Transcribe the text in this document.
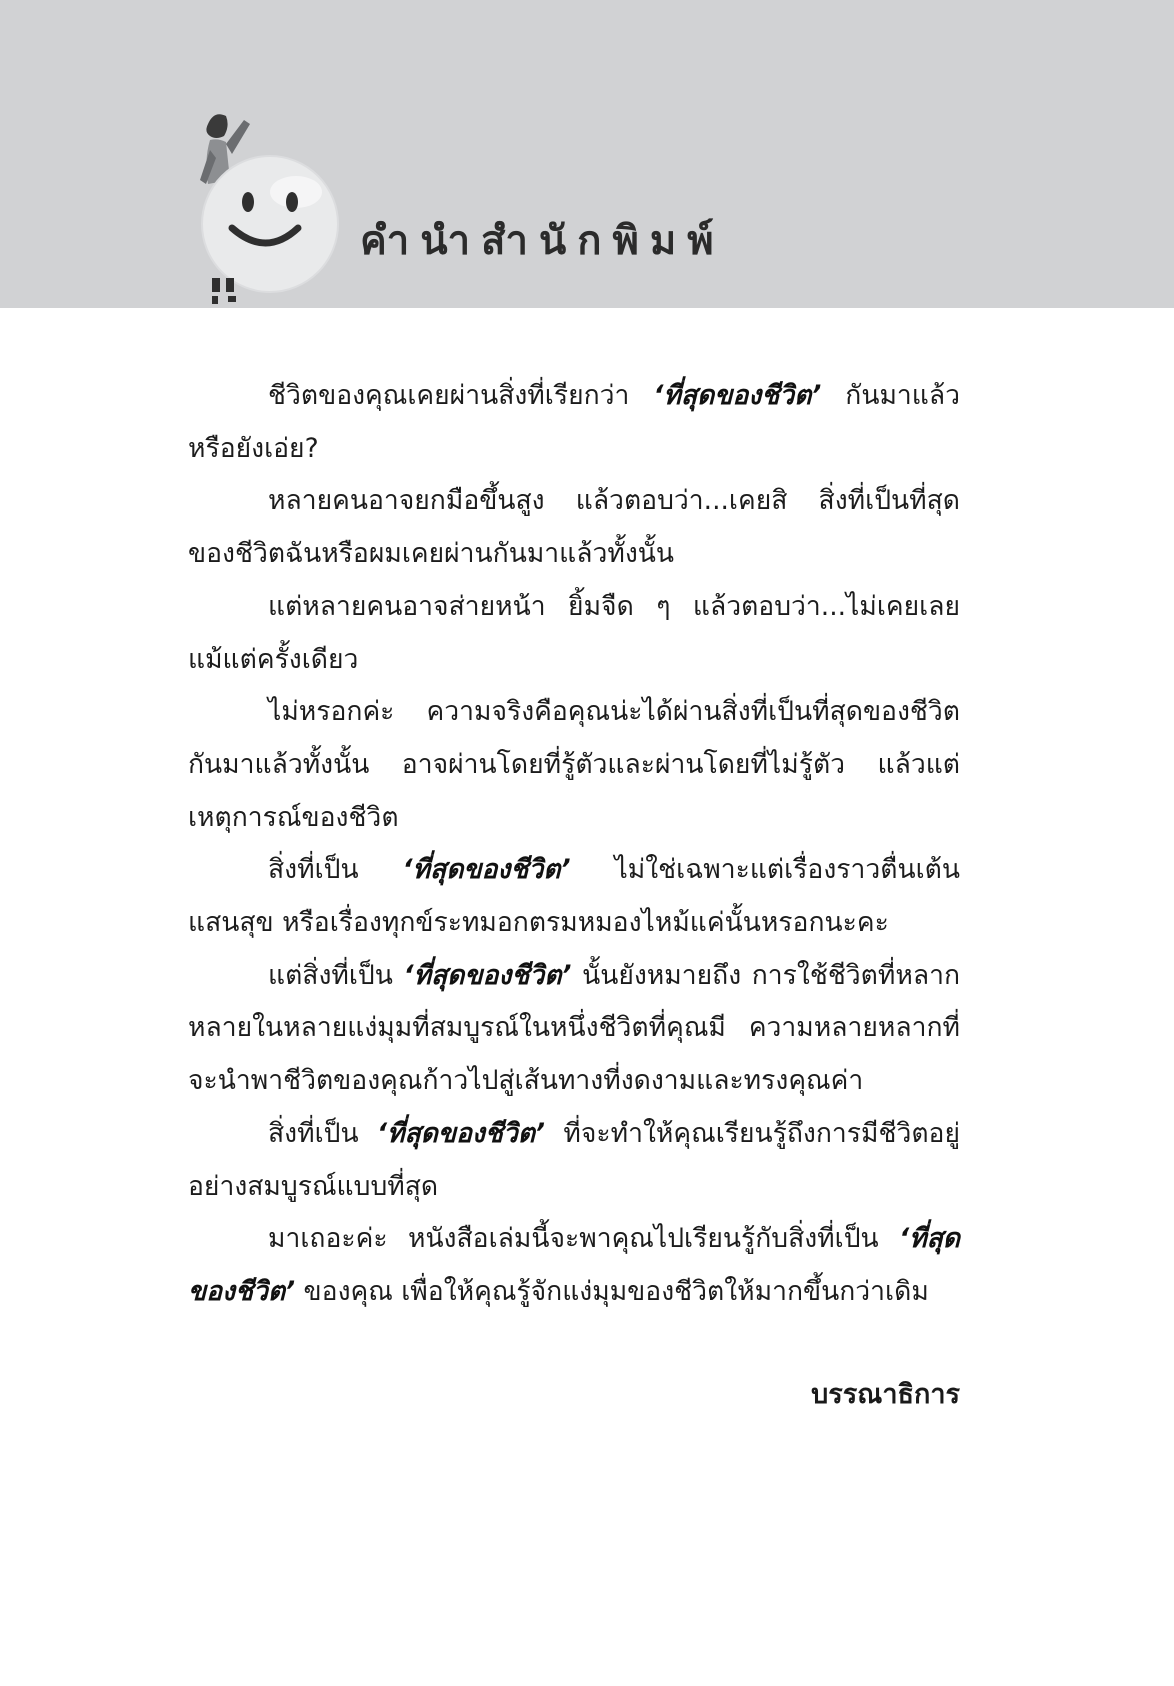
คำนำสำนักพิมพ์

ชีวิตของคุณเคยผ่านสิ่งที่เรียกว่า ‘ที่สุดของชีวิต’ กันมาแล้วหรือยังเอ่ย?

หลายคนอาจยกมือขึ้นสูง แล้วตอบว่า...เคยสิ สิ่งที่เป็นที่สุดของชีวิตฉันหรือผมเคยผ่านกันมาแล้วทั้งนั้น

แต่หลายคนอาจส่ายหน้า ยิ้มจืด ๆ แล้วตอบว่า...ไม่เคยเลยแม้แต่ครั้งเดียว

ไม่หรอกค่ะ ความจริงคือคุณน่ะได้ผ่านสิ่งที่เป็นที่สุดของชีวิตกันมาแล้วทั้งนั้น อาจผ่านโดยที่รู้ตัวและผ่านโดยที่ไม่รู้ตัว แล้วแต่เหตุการณ์ของชีวิต

สิ่งที่เป็น ‘ที่สุดของชีวิต’ ไม่ใช่เฉพาะแต่เรื่องราวตื่นเต้นแสนสุข หรือเรื่องทุกข์ระทมอกตรมหมองไหม้แค่นั้นหรอกนะคะ

แต่สิ่งที่เป็น ‘ที่สุดของชีวิต’ นั้นยังหมายถึง การใช้ชีวิตที่หลากหลายในหลายแง่มุมที่สมบูรณ์ในหนึ่งชีวิตที่คุณมี ความหลายหลากที่จะนำพาชีวิตของคุณก้าวไปสู่เส้นทางที่งดงามและทรงคุณค่า

สิ่งที่เป็น ‘ที่สุดของชีวิต’ ที่จะทำให้คุณเรียนรู้ถึงการมีชีวิตอยู่อย่างสมบูรณ์แบบที่สุด

มาเถอะค่ะ หนังสือเล่มนี้จะพาคุณไปเรียนรู้กับสิ่งที่เป็น ‘ที่สุดของชีวิต’ ของคุณ เพื่อให้คุณรู้จักแง่มุมของชีวิตให้มากขึ้นกว่าเดิม

บรรณาธิการ
